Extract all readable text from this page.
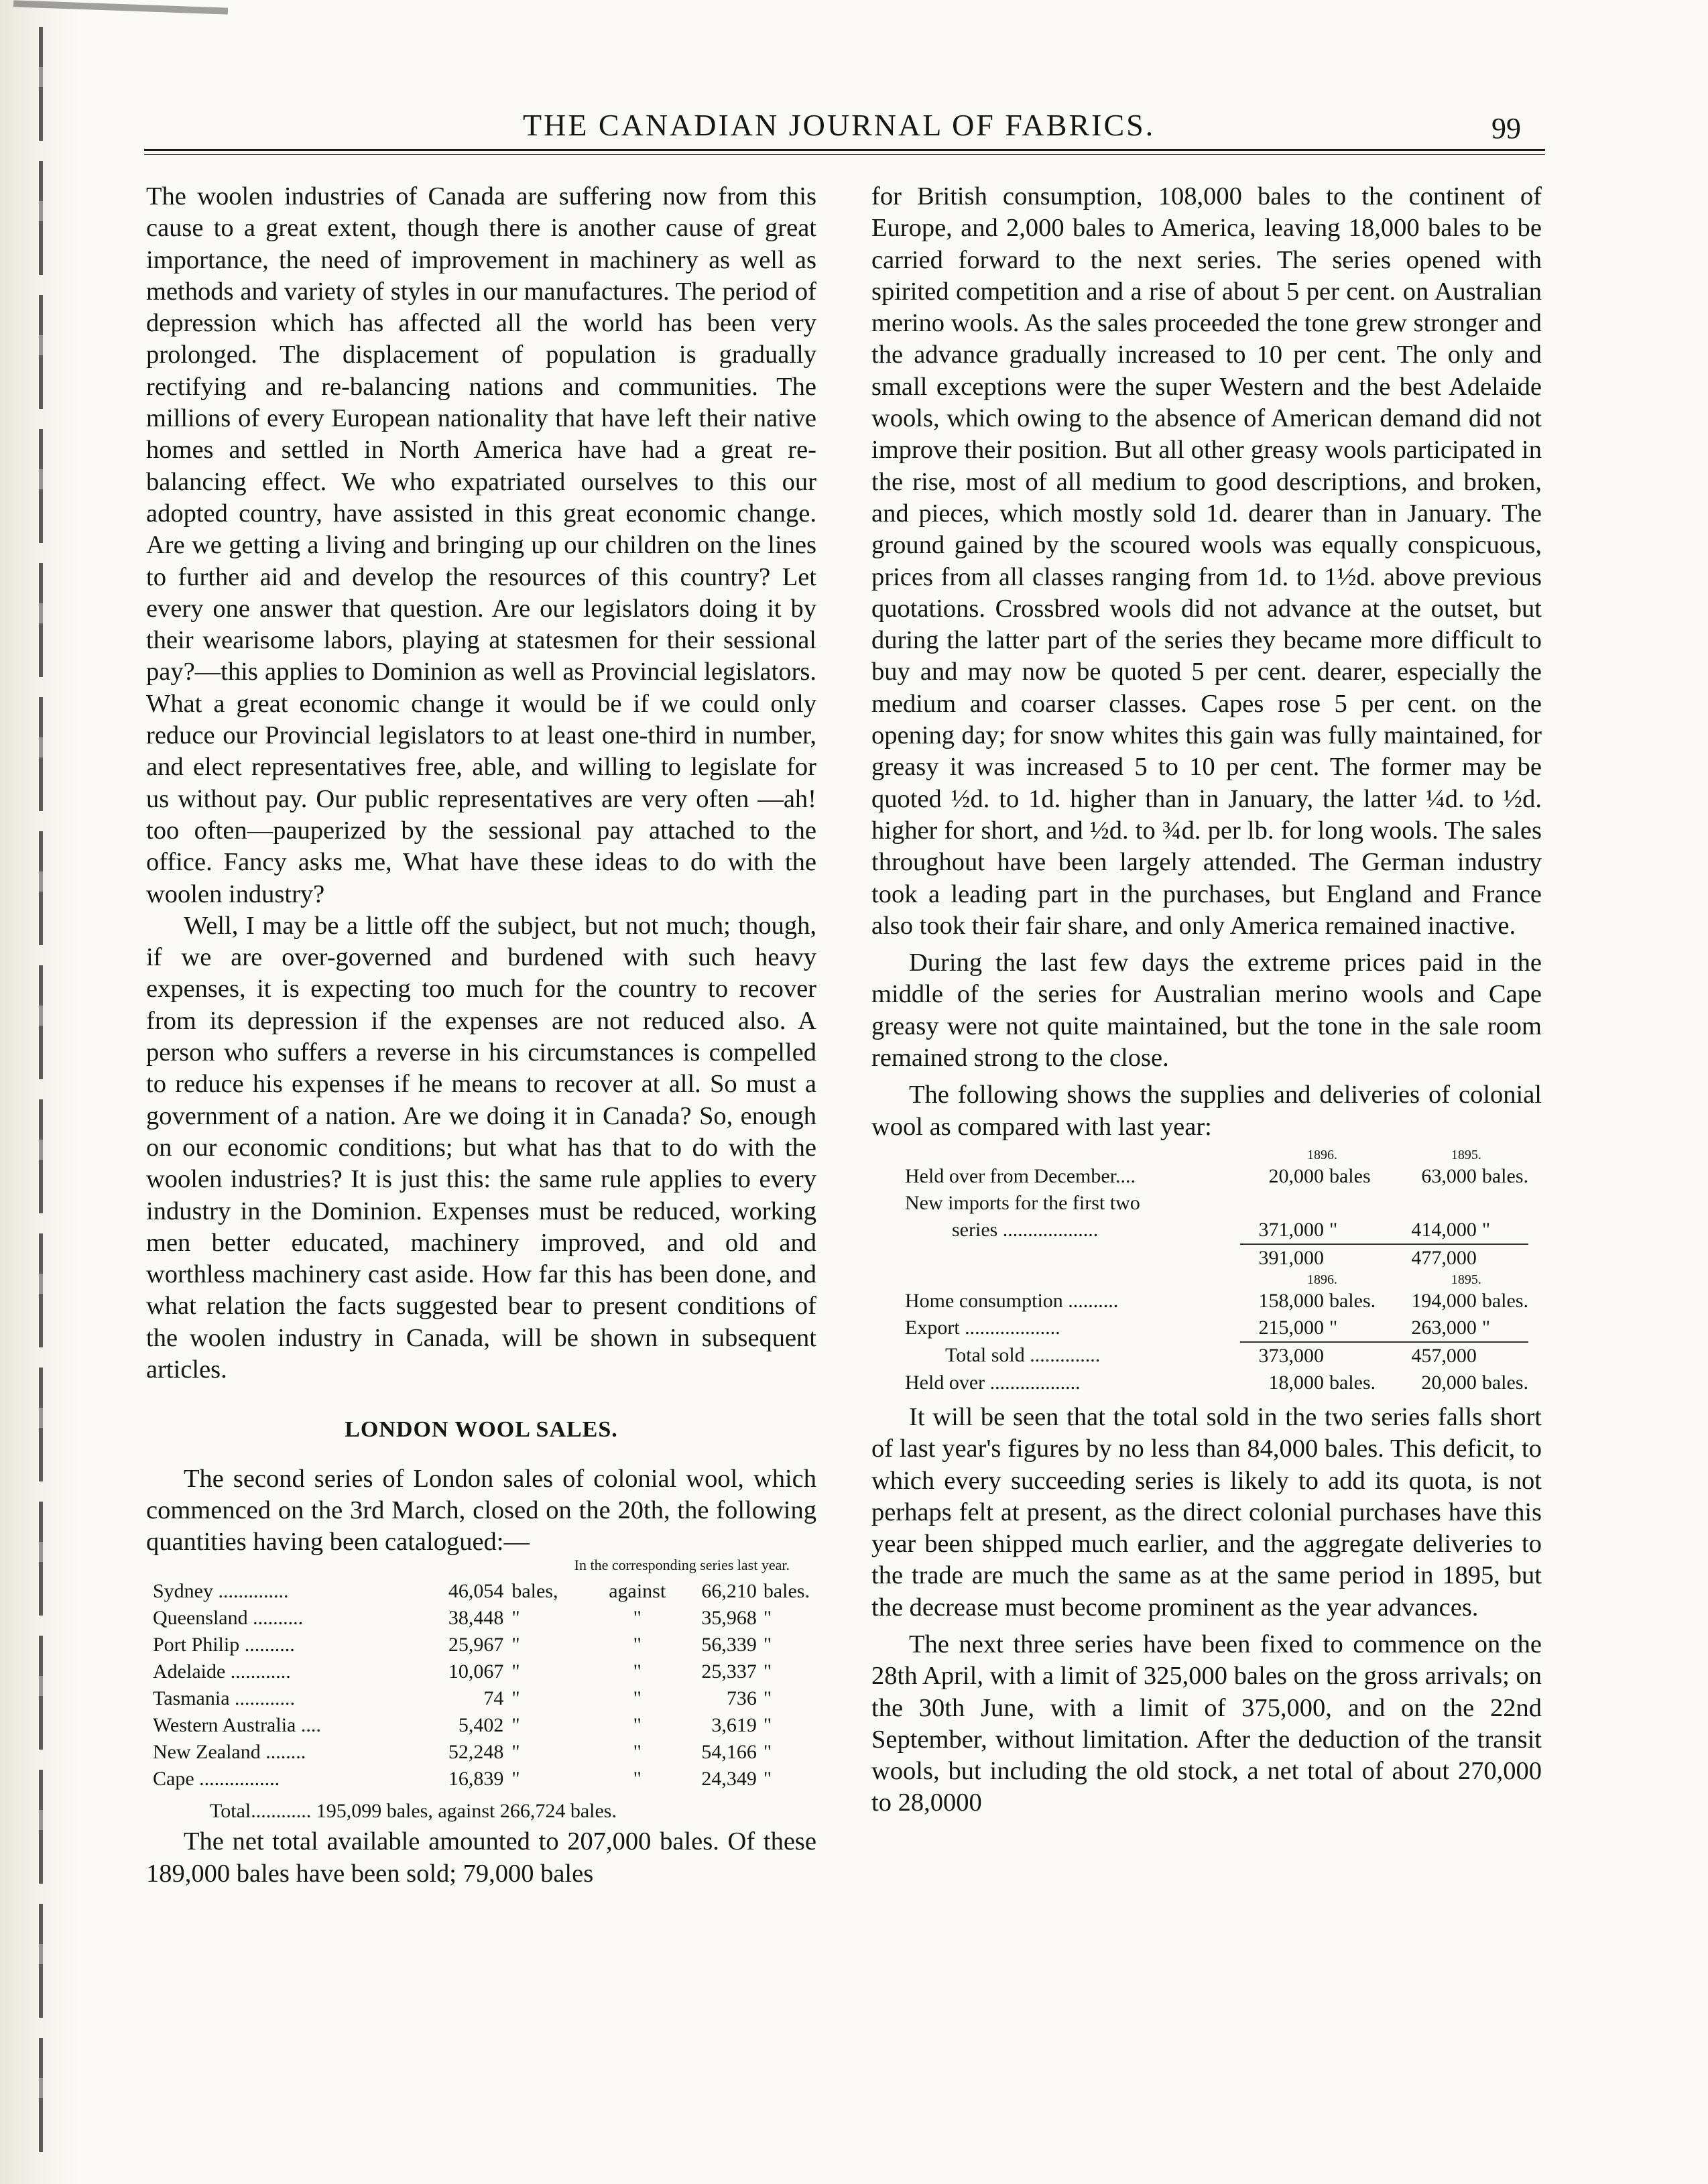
THE CANADIAN JOURNAL OF FABRICS.	99

The woolen industries of Canada are suffering now from this cause to a great extent, though there is another cause of great importance, the need of improvement in machinery as well as methods and variety of styles in our manufactures. The period of depression which has affected all the world has been very prolonged. The displacement of population is gradually rectifying and re-balancing nations and communities. The millions of every European nationality that have left their native homes and settled in North America have had a great re-balancing effect. We who expatriated ourselves to this our adopted country, have assisted in this great economic change. Are we getting a living and bringing up our children on the lines to further aid and develop the resources of this country? Let every one answer that question. Are our legislators doing it by their wearisome labors, playing at statesmen for their sessional pay?—this applies to Dominion as well as Provincial legislators. What a great economic change it would be if we could only reduce our Provincial legislators to at least one-third in number, and elect representatives free, able, and willing to legislate for us without pay. Our public representatives are very often —ah! too often—pauperized by the sessional pay attached to the office. Fancy asks me, What have these ideas to do with the woolen industry?

Well, I may be a little off the subject, but not much; though, if we are over-governed and burdened with such heavy expenses, it is expecting too much for the country to recover from its depression if the expenses are not reduced also. A person who suffers a reverse in his circumstances is compelled to reduce his expenses if he means to recover at all. So must a government of a nation. Are we doing it in Canada? So, enough on our economic conditions; but what has that to do with the woolen industries? It is just this: the same rule applies to every industry in the Dominion. Expenses must be reduced, working men better educated, machinery improved, and old and worthless machinery cast aside. How far this has been done, and what relation the facts suggested bear to present conditions of the woolen industry in Canada, will be shown in subsequent articles.

LONDON WOOL SALES.

The second series of London sales of colonial wool, which commenced on the 3rd March, closed on the 20th, the following quantities having been catalogued:—

In the corresponding series last year.
Sydney ..............	46,054	bales,	against	66,210	bales.
Queensland ..........	38,448	"	"	35,968	"
Port Philip ..........	25,967	"	"	56,339	"
Adelaide ............	10,067	"	"	25,337	"
Tasmania ............	74	"	"	736	"
Western Australia ....	5,402	"	"	3,619	"
New Zealand ........	52,248	"	"	54,166	"
Cape ................	16,839	"	"	24,349	"
Total............ 195,099 bales, against 266,724 bales.

The net total available amounted to 207,000 bales. Of these 189,000 bales have been sold; 79,000 bales

for British consumption, 108,000 bales to the continent of Europe, and 2,000 bales to America, leaving 18,000 bales to be carried forward to the next series. The series opened with spirited competition and a rise of about 5 per cent. on Australian merino wools. As the sales proceeded the tone grew stronger and the advance gradually increased to 10 per cent. The only and small exceptions were the super Western and the best Adelaide wools, which owing to the absence of American demand did not improve their position. But all other greasy wools participated in the rise, most of all medium to good descriptions, and broken, and pieces, which mostly sold 1d. dearer than in January. The ground gained by the scoured wools was equally conspicuous, prices from all classes ranging from 1d. to 1½d. above previous quotations. Crossbred wools did not advance at the outset, but during the latter part of the series they became more difficult to buy and may now be quoted 5 per cent. dearer, especially the medium and coarser classes. Capes rose 5 per cent. on the opening day; for snow whites this gain was fully maintained, for greasy it was increased 5 to 10 per cent. The former may be quoted ½d. to 1d. higher than in January, the latter ¼d. to ½d. higher for short, and ½d. to ¾d. per lb. for long wools. The sales throughout have been largely attended. The German industry took a leading part in the purchases, but England and France also took their fair share, and only America remained inactive.

During the last few days the extreme prices paid in the middle of the series for Australian merino wools and Cape greasy were not quite maintained, but the tone in the sale room remained strong to the close.

The following shows the supplies and deliveries of colonial wool as compared with last year:

	1896.		1895.	
Held over from December....	20,000	bales	63,000	bales.
New imports for the first two				
series ...................	371,000	"	414,000	"
	391,000		477,000	
	1896.		1895.	
Home consumption ..........	158,000	bales.	194,000	bales.
Export ...................	215,000	"	263,000	"
Total sold ..............	373,000		457,000	
Held over ..................	18,000	bales.	20,000	bales.

It will be seen that the total sold in the two series falls short of last year's figures by no less than 84,000 bales. This deficit, to which every succeeding series is likely to add its quota, is not perhaps felt at present, as the direct colonial purchases have this year been shipped much earlier, and the aggregate deliveries to the trade are much the same as at the same period in 1895, but the decrease must become prominent as the year advances.

The next three series have been fixed to commence on the 28th April, with a limit of 325,000 bales on the gross arrivals; on the 30th June, with a limit of 375,000, and on the 22nd September, without limitation. After the deduction of the transit wools, but including the old stock, a net total of about 270,000 to 28,0000
